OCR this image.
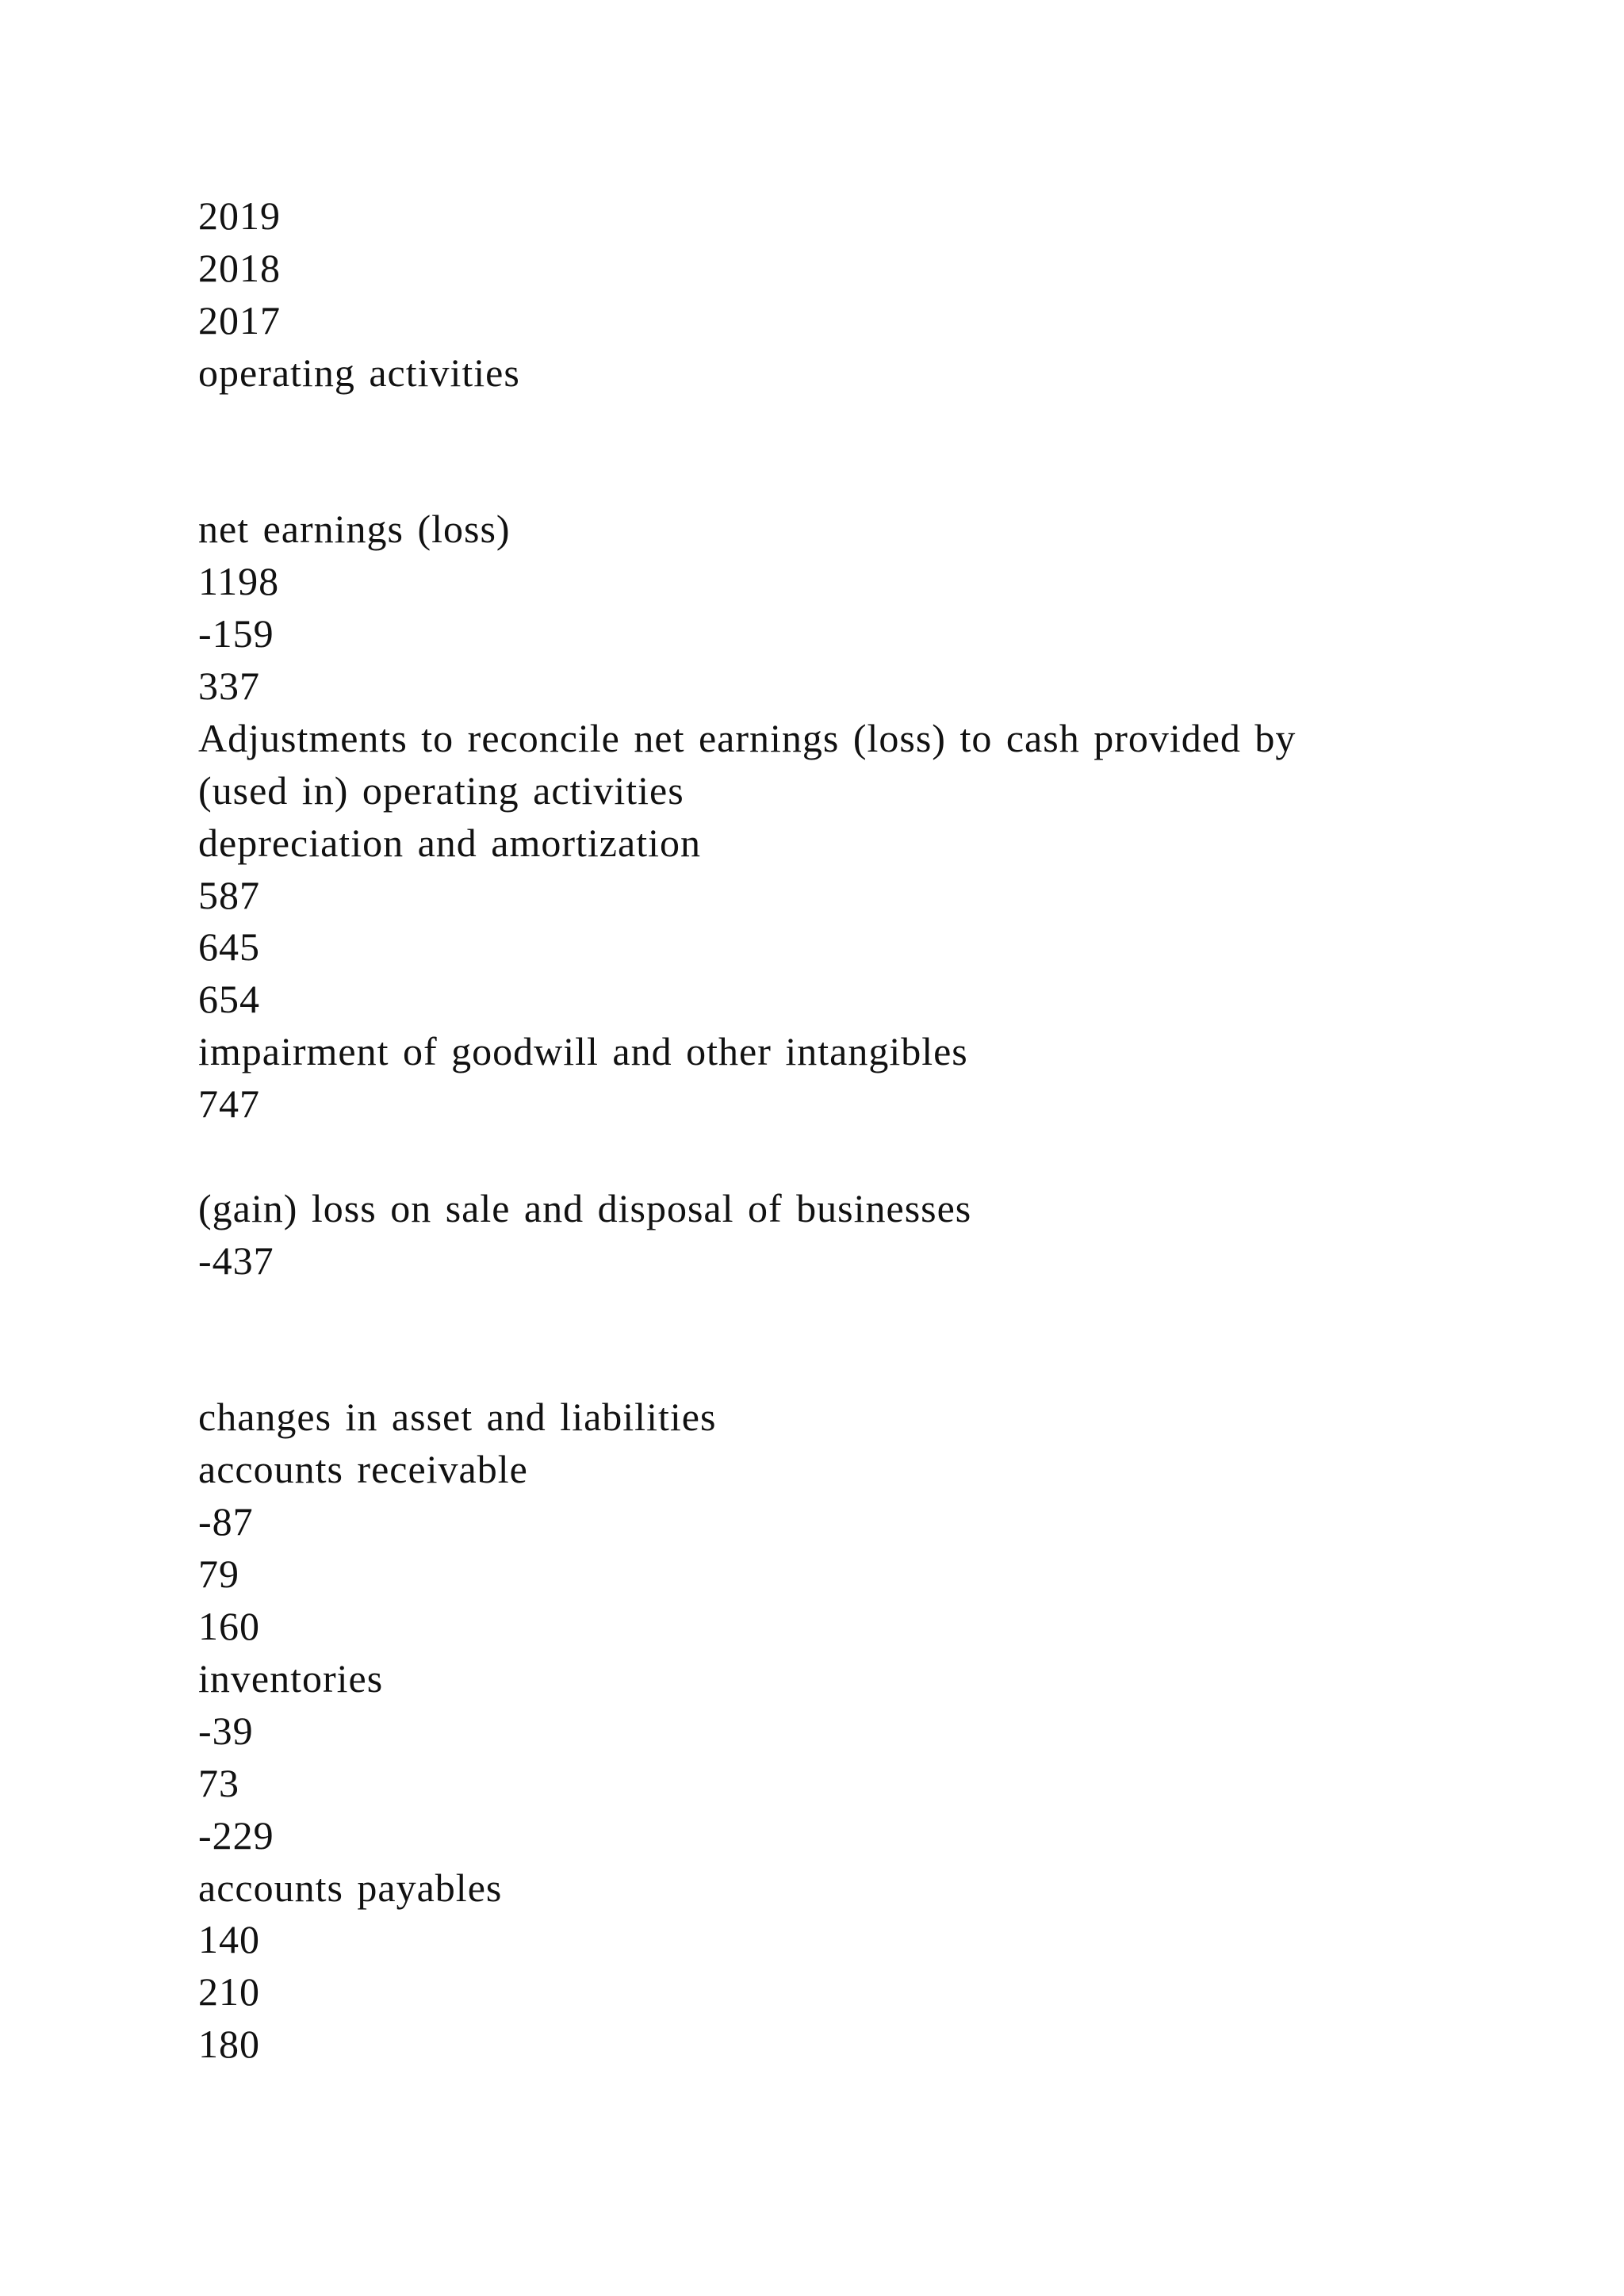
2019
2018
2017
operating activities
net earnings (loss)
1198
-159
337
Adjustments to reconcile net earnings (loss) to cash provided by
(used in) operating activities
depreciation and amortization
587
645
654
impairment of goodwill and other intangibles
747
(gain) loss on sale and disposal of businesses
-437
changes in asset and liabilities
accounts receivable
-87
79
160
inventories
-39
73
-229
accounts payables
140
210
180
